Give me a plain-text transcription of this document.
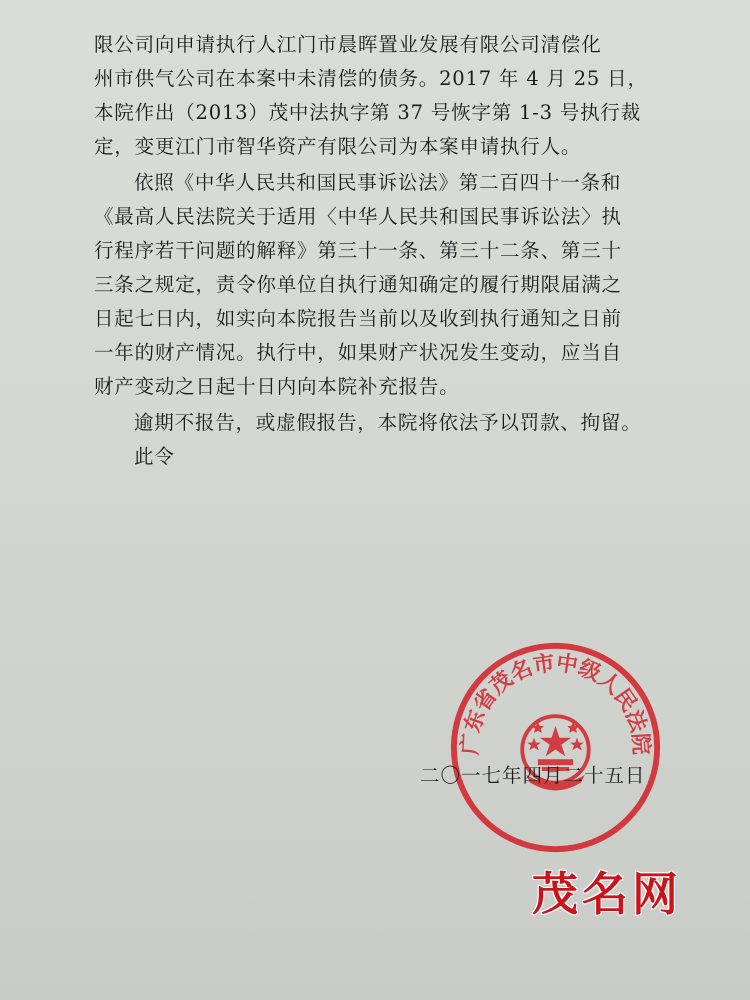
限公司向申请执行人江门市晨晖置业发展有限公司清偿化
州市供气公司在本案中未清偿的债务。2017 年 4 月 25 日，
本院作出（2013）茂中法执字第 37 号恢字第 1-3 号执行裁
定，变更江门市智华资产有限公司为本案申请执行人。

依照《中华人民共和国民事诉讼法》第二百四十一条和
《最高人民法院关于适用〈中华人民共和国民事诉讼法〉执
行程序若干问题的解释》第三十一条、第三十二条、第三十
三条之规定，责令你单位自执行通知确定的履行期限届满之
日起七日内，如实向本院报告当前以及收到执行通知之日前
一年的财产情况。执行中，如果财产状况发生变动，应当自
财产变动之日起十日内向本院补充报告。

逾期不报告，或虚假报告，本院将依法予以罚款、拘留。

此令

广东省茂名市中级人民法院
二〇一七年四月二十五日
茂名网
